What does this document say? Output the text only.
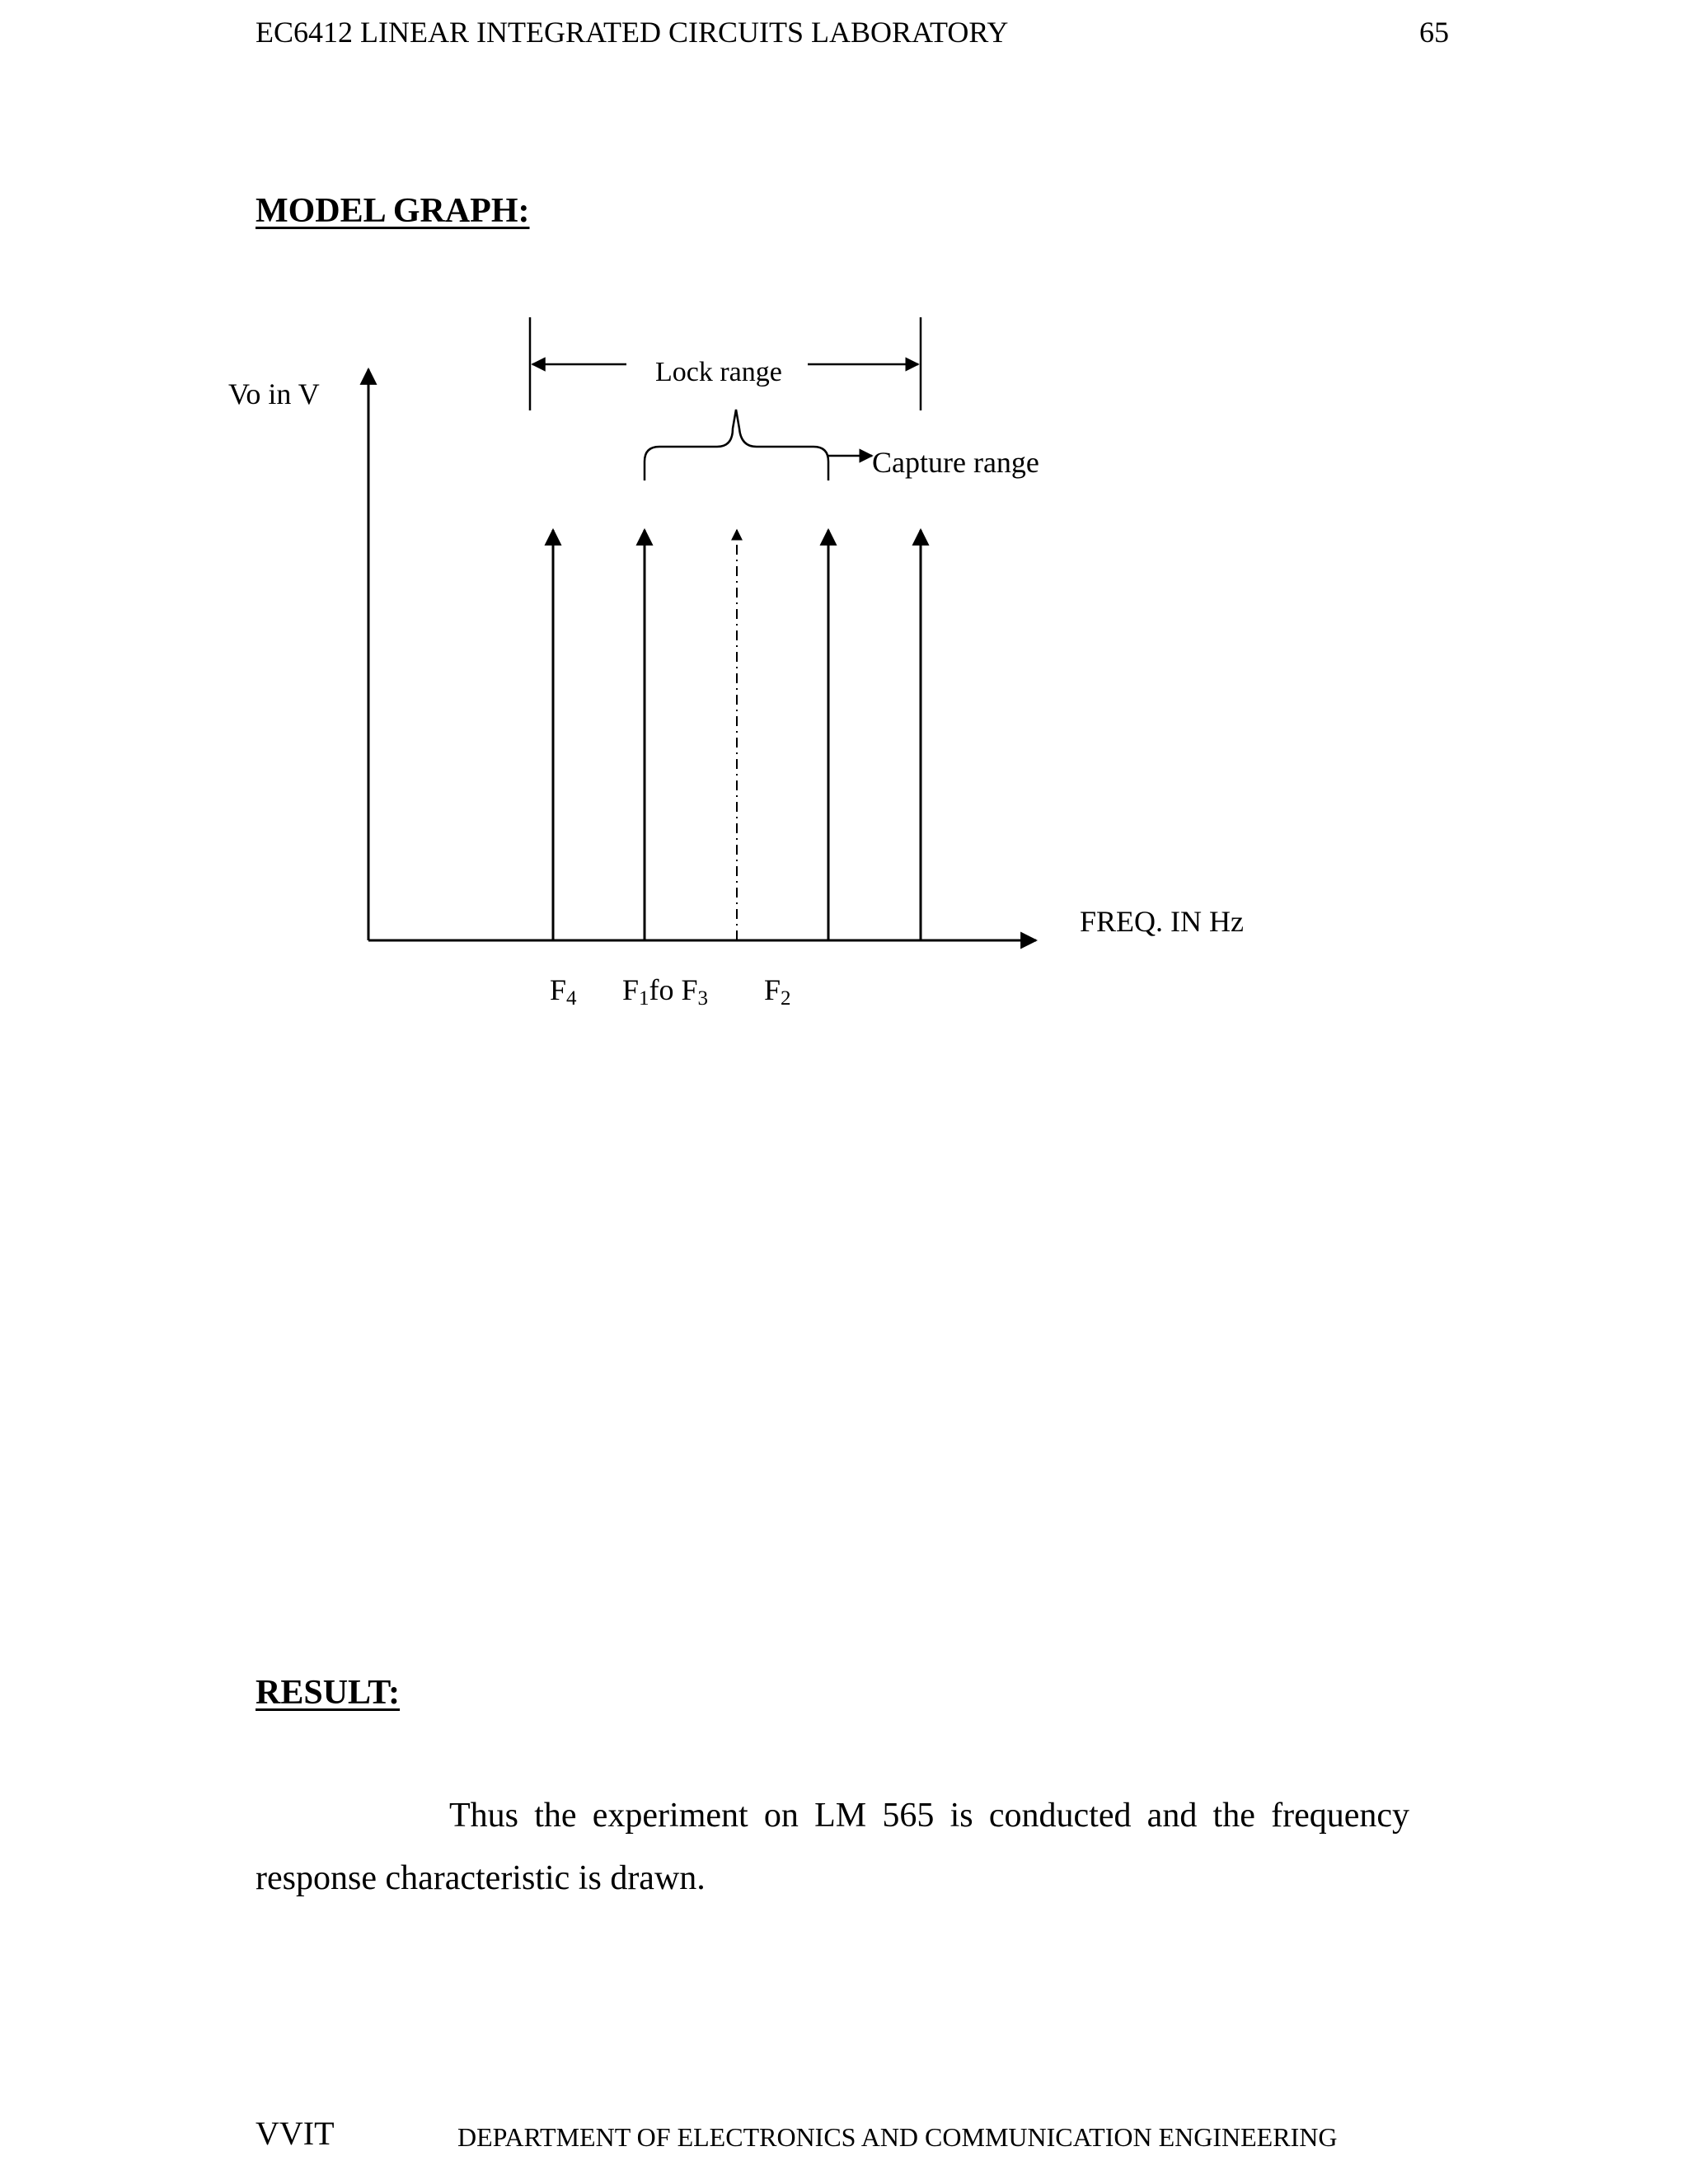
EC6412 LINEAR INTEGRATED CIRCUITS LABORATORY	65
MODEL GRAPH:
Vo in V
FREQ. IN Hz
Lock range
Capture range
F4 F1fo F3 F2
RESULT:
Thus the experiment on LM 565 is conducted and the frequency
response characteristic is drawn.
VVIT	DEPARTMENT OF ELECTRONICS AND COMMUNICATION ENGINEERING
